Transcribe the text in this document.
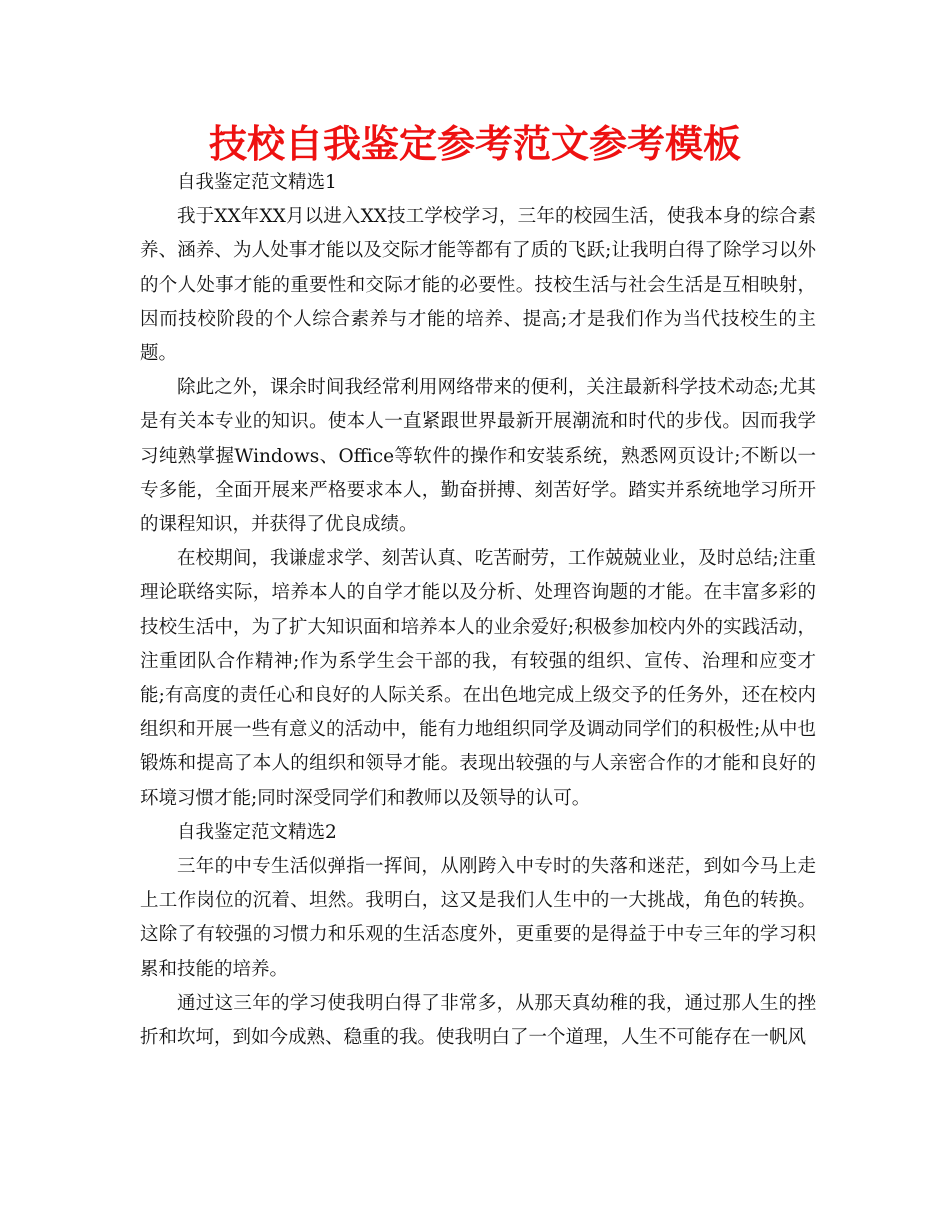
技校自我鉴定参考范文参考模板

自我鉴定范文精选1

我于XX年XX月以进入XX技工学校学习，三年的校园生活，使我本身的综合素养、涵养、为人处事才能以及交际才能等都有了质的飞跃;让我明白得了除学习以外的个人处事才能的重要性和交际才能的必要性。技校生活与社会生活是互相映射，因而技校阶段的个人综合素养与才能的培养、提高;才是我们作为当代技校生的主题。

除此之外，课余时间我经常利用网络带来的便利，关注最新科学技术动态;尤其是有关本专业的知识。使本人一直紧跟世界最新开展潮流和时代的步伐。因而我学习纯熟掌握Windows、Office等软件的操作和安装系统，熟悉网页设计;不断以一专多能，全面开展来严格要求本人，勤奋拼搏、刻苦好学。踏实并系统地学习所开的课程知识，并获得了优良成绩。

在校期间，我谦虚求学、刻苦认真、吃苦耐劳，工作兢兢业业，及时总结;注重理论联络实际，培养本人的自学才能以及分析、处理咨询题的才能。在丰富多彩的技校生活中，为了扩大知识面和培养本人的业余爱好;积极参加校内外的实践活动，注重团队合作精神;作为系学生会干部的我，有较强的组织、宣传、治理和应变才能;有高度的责任心和良好的人际关系。在出色地完成上级交予的任务外，还在校内组织和开展一些有意义的活动中，能有力地组织同学及调动同学们的积极性;从中也锻炼和提高了本人的组织和领导才能。表现出较强的与人亲密合作的才能和良好的环境习惯才能;同时深受同学们和教师以及领导的认可。

自我鉴定范文精选2

三年的中专生活似弹指一挥间，从刚跨入中专时的失落和迷茫，到如今马上走上工作岗位的沉着、坦然。我明白，这又是我们人生中的一大挑战，角色的转换。这除了有较强的习惯力和乐观的生活态度外，更重要的是得益于中专三年的学习积累和技能的培养。

通过这三年的学习使我明白得了非常多，从那天真幼稚的我，通过那人生的挫折和坎坷，到如今成熟、稳重的我。使我明白了一个道理，人生不可能存在一帆风
